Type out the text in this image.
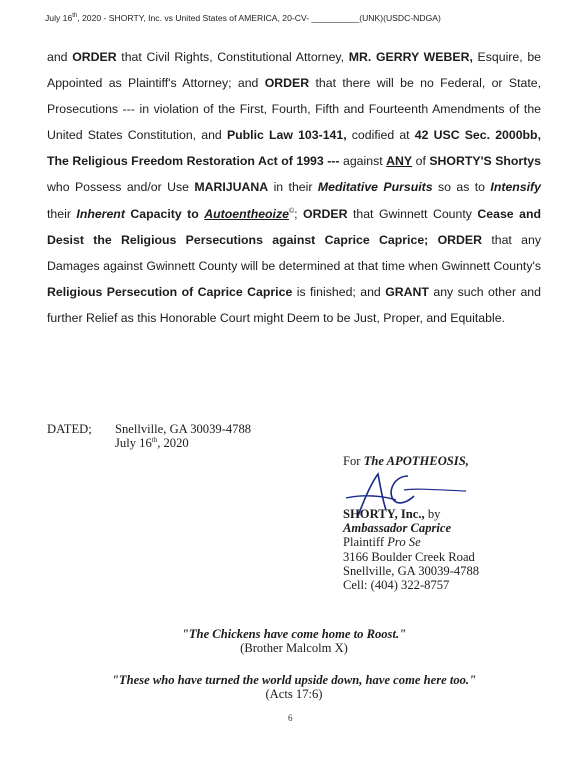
July 16th, 2020 - SHORTY, Inc. vs United States of AMERICA, 20-CV- __________(UNK)(USDC-NDGA)
and ORDER that Civil Rights, Constitutional Attorney, MR. GERRY WEBER, Esquire, be Appointed as Plaintiff's Attorney; and ORDER that there will be no Federal, or State, Prosecutions --- in violation of the First, Fourth, Fifth and Fourteenth Amendments of the United States Constitution, and Public Law 103-141, codified at 42 USC Sec. 2000bb, The Religious Freedom Restoration Act of 1993 --- against ANY of SHORTY'S Shortys who Possess and/or Use MARIJUANA in their Meditative Pursuits so as to Intensify their Inherent Capacity to Autoentheoize©; ORDER that Gwinnett County Cease and Desist the Religious Persecutions against Caprice Caprice; ORDER that any Damages against Gwinnett County will be determined at that time when Gwinnett County's Religious Persecution of Caprice Caprice is finished; and GRANT any such other and further Relief as this Honorable Court might Deem to be Just, Proper, and Equitable.
DATED; Snellville, GA 30039-4788
July 16th, 2020
For The APOTHEOSIS,
SHORTY, Inc., by
Ambassador Caprice
Plaintiff Pro Se
3166 Boulder Creek Road
Snellville, GA 30039-4788
Cell: (404) 322-8757
"The Chickens have come home to Roost."
(Brother Malcolm X)
"These who have turned the world upside down, have come here too."
(Acts 17:6)
6
